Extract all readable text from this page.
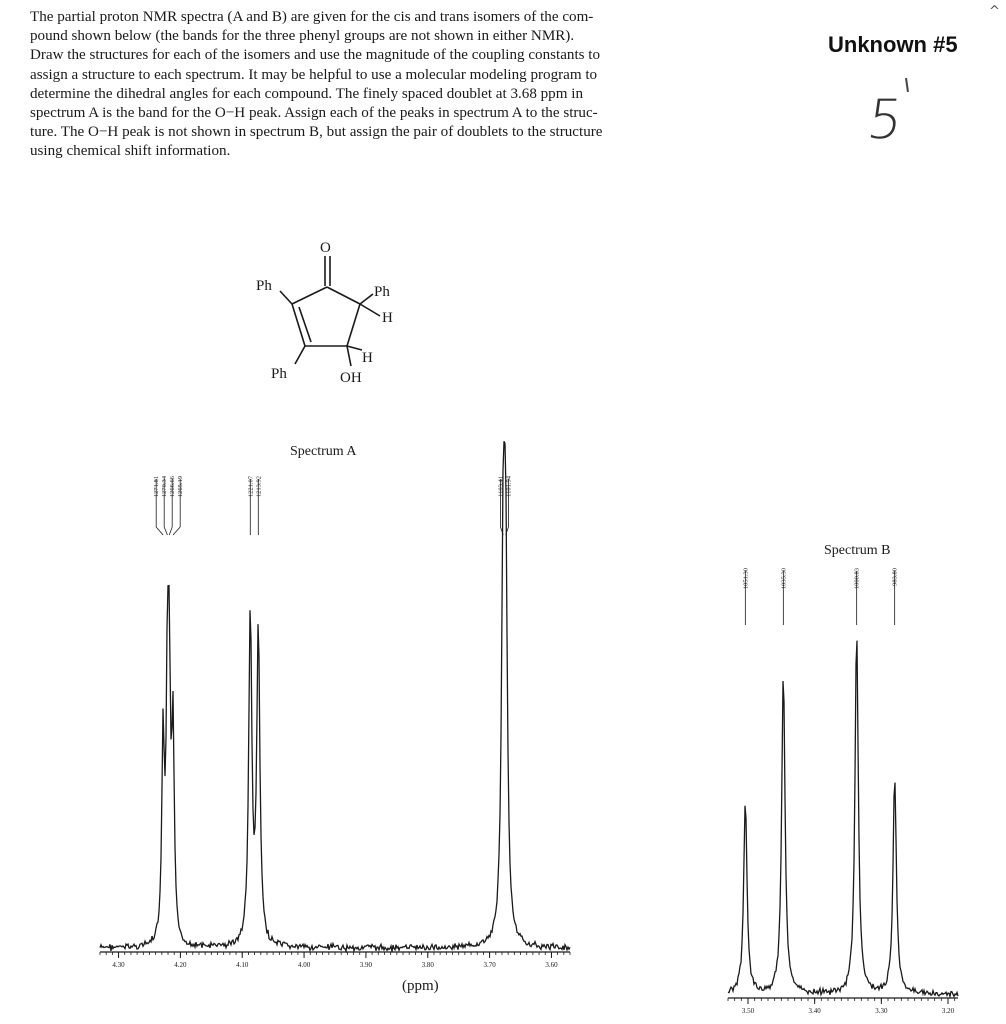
The partial proton NMR spectra (A and B) are given for the cis and trans isomers of the com-

pound shown below (the bands for the three phenyl groups are not shown in either NMR).

Draw the structures for each of the isomers and use the magnitude of the coupling constants to

assign a structure to each spectrum. It may be helpful to use a molecular modeling program to

determine the dihedral angles for each compound. The finely spaced doublet at 3.68 ppm in

spectrum A is the band for the O−H peak. Assign each of the peaks in spectrum A to the struc-

ture. The O−H peak is not shown in spectrum B, but assign the pair of doublets to the structure

using chemical shift information.

Unknown #5
5
^
O
Ph	Ph
H
H
Ph	OH
Spectrum A
1271.81 1270.34 1266.66 1265.19	1221.07 1213.92	1103.41 1101.94
4.30	4.20	4.10	4.00	3.90	3.80	3.70	3.60
(ppm)
Spectrum B
1051.30	1035.30	1000.83	983.80
3.50	3.40	3.30	3.20
